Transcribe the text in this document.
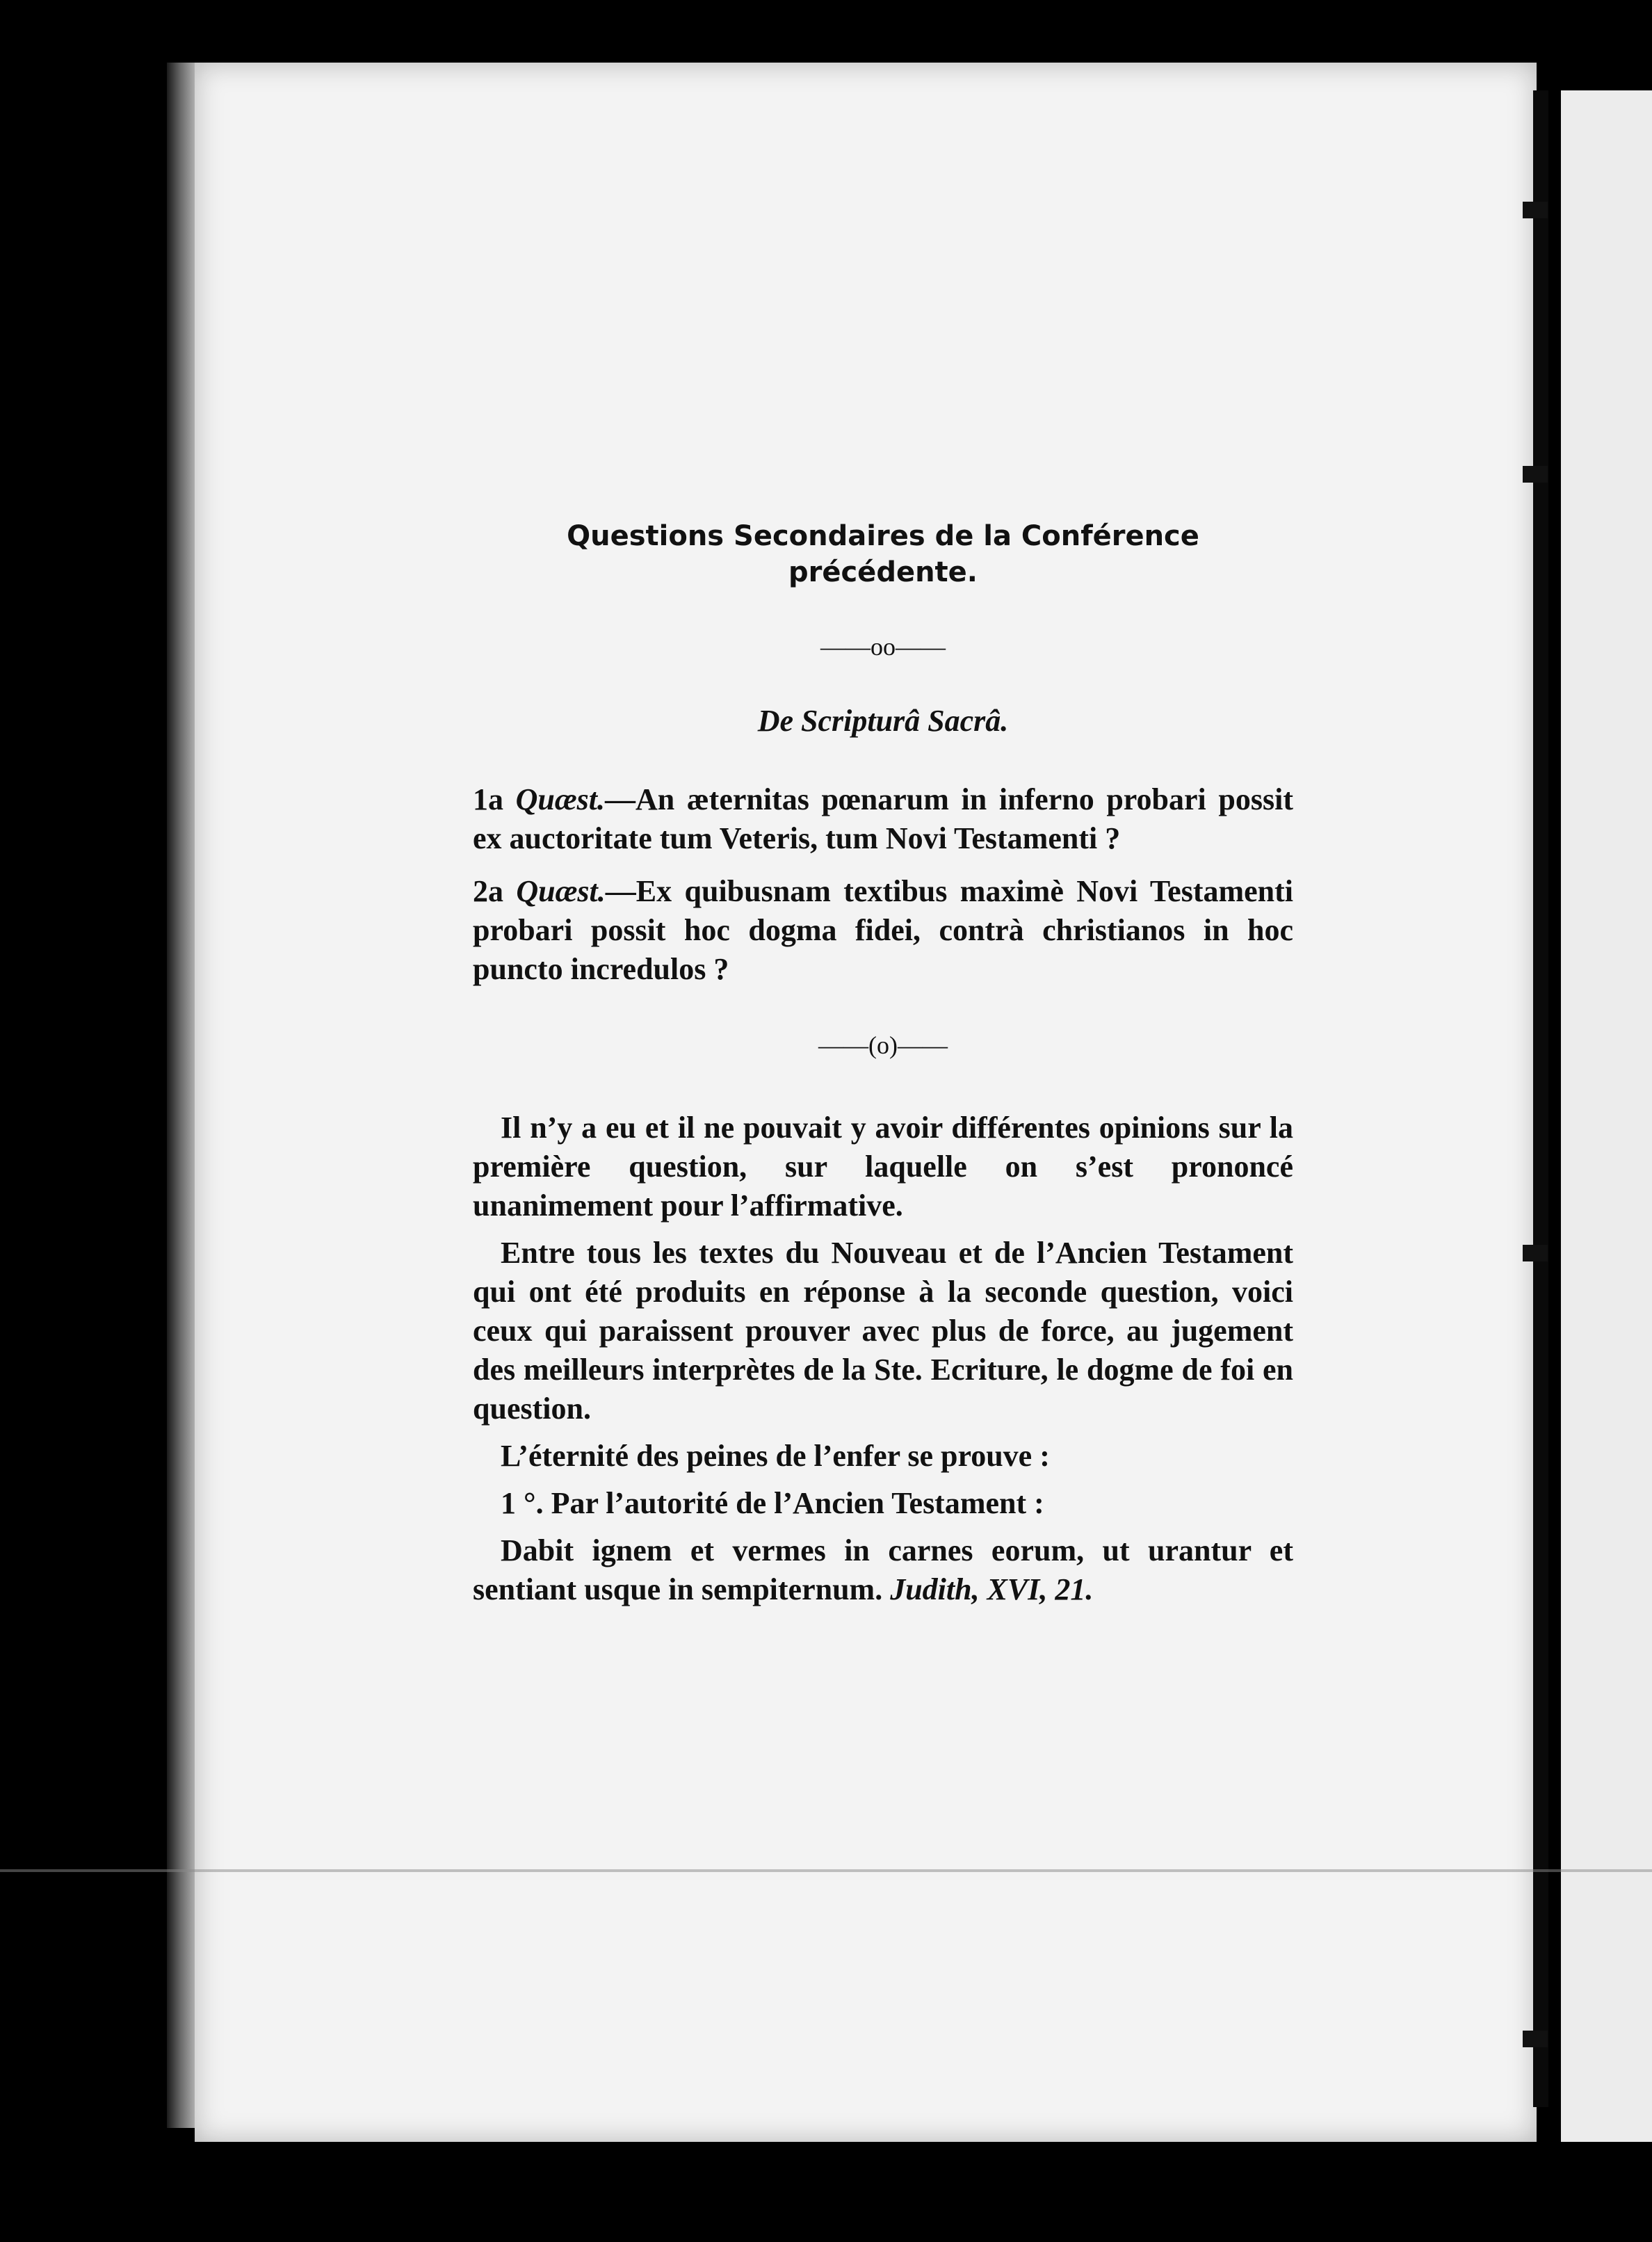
Questions Secondaires de la Conférence
précédente.

——oo——

De Scripturâ Sacrâ.

1a Quæst.—An æternitas pœnarum in inferno probari possit ex auctoritate tum Veteris, tum Novi Testamenti ?

2a Quæst.—Ex quibusnam textibus maximè Novi Testamenti probari possit hoc dogma fidei, contrà christianos in hoc puncto incredulos ?

——(o)——

Il n’y a eu et il ne pouvait y avoir différentes opinions sur la première question, sur laquelle on s’est prononcé unanimement pour l’affirmative.

Entre tous les textes du Nouveau et de l’Ancien Testament qui ont été produits en réponse à la seconde question, voici ceux qui paraissent prouver avec plus de force, au jugement des meilleurs interprètes de la Ste. Ecriture, le dogme de foi en question.

L’éternité des peines de l’enfer se prouve :

1 °. Par l’autorité de l’Ancien Testament :

Dabit ignem et vermes in carnes eorum, ut urantur et sentiant usque in sempiternum. Judith, XVI, 21.
